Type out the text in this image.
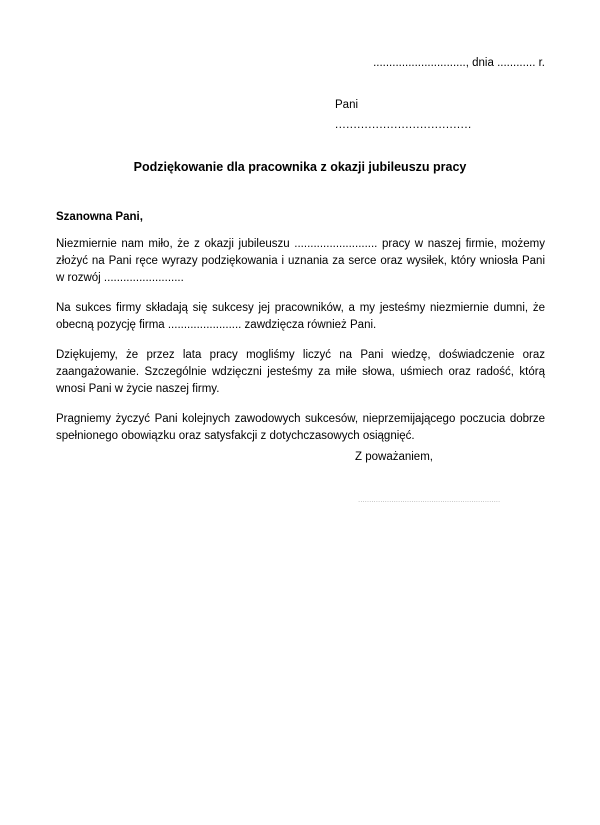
............................., dnia ............ r.
Pani
.....................................
Podziękowanie dla pracownika z okazji jubileuszu pracy
Szanowna Pani,

Niezmiernie nam miło, że z okazji jubileuszu .......................... pracy w naszej firmie, możemy złożyć na Pani ręce wyrazy podziękowania i uznania za serce oraz wysiłek, który wniosła Pani w rozwój .........................

Na sukces firmy składają się sukcesy jej pracowników, a my jesteśmy niezmiernie dumni, że obecną pozycję firma ....................... zawdzięcza również Pani.

Dziękujemy, że przez lata pracy mogliśmy liczyć na Pani wiedzę, doświadczenie oraz zaangażowanie. Szczególnie wdzięczni jesteśmy za miłe słowa, uśmiech oraz radość, którą wnosi Pani w życie naszej firmy.

Pragniemy życzyć Pani kolejnych zawodowych sukcesów, nieprzemijającego poczucia dobrze spełnionego obowiązku oraz satysfakcji z dotychczasowych osiągnięć.

Z poważaniem,
................................................................
